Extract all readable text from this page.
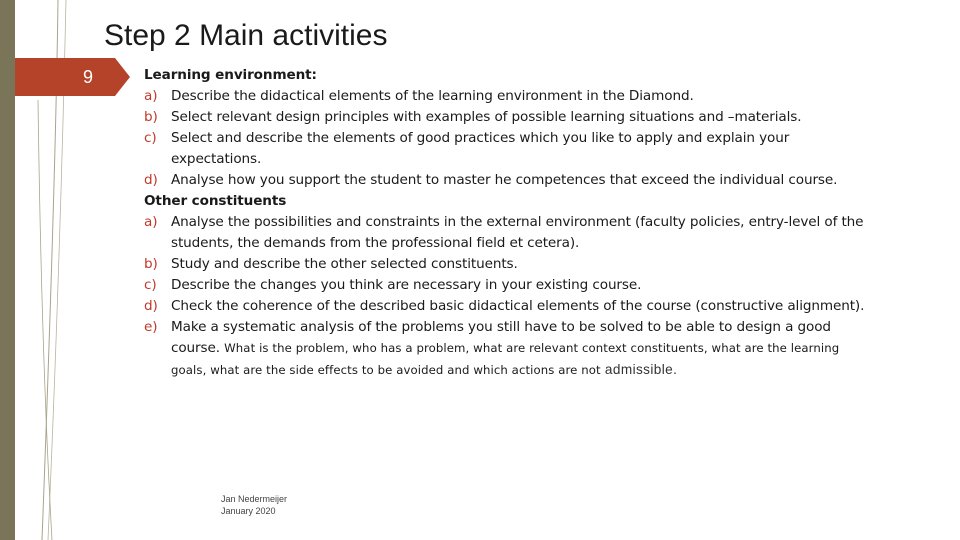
9
Step 2 Main activities
Learning environment:
a) Describe the didactical elements of the learning environment in the Diamond.
b) Select relevant design principles with examples of possible learning situations and –materials.
c) Select and describe the elements of good practices which you like to apply and explain your expectations.
d) Analyse how you support the student to master he competences that exceed the individual course.
Other constituents
a) Analyse the possibilities and constraints in the external environment (faculty policies, entry-level of the students, the demands from the professional field et cetera).
b) Study and describe the other selected constituents.
c) Describe the changes you think are necessary in your existing course.
d) Check the coherence of the described basic didactical elements of the course (constructive alignment).
e) Make a systematic analysis of the problems you still have to be solved to be able to design a good course. What is the problem, who has a problem, what are relevant context constituents, what are the learning goals, what are the side effects to be avoided and which actions are not admissible.
Jan Nedermeijer
January 2020
